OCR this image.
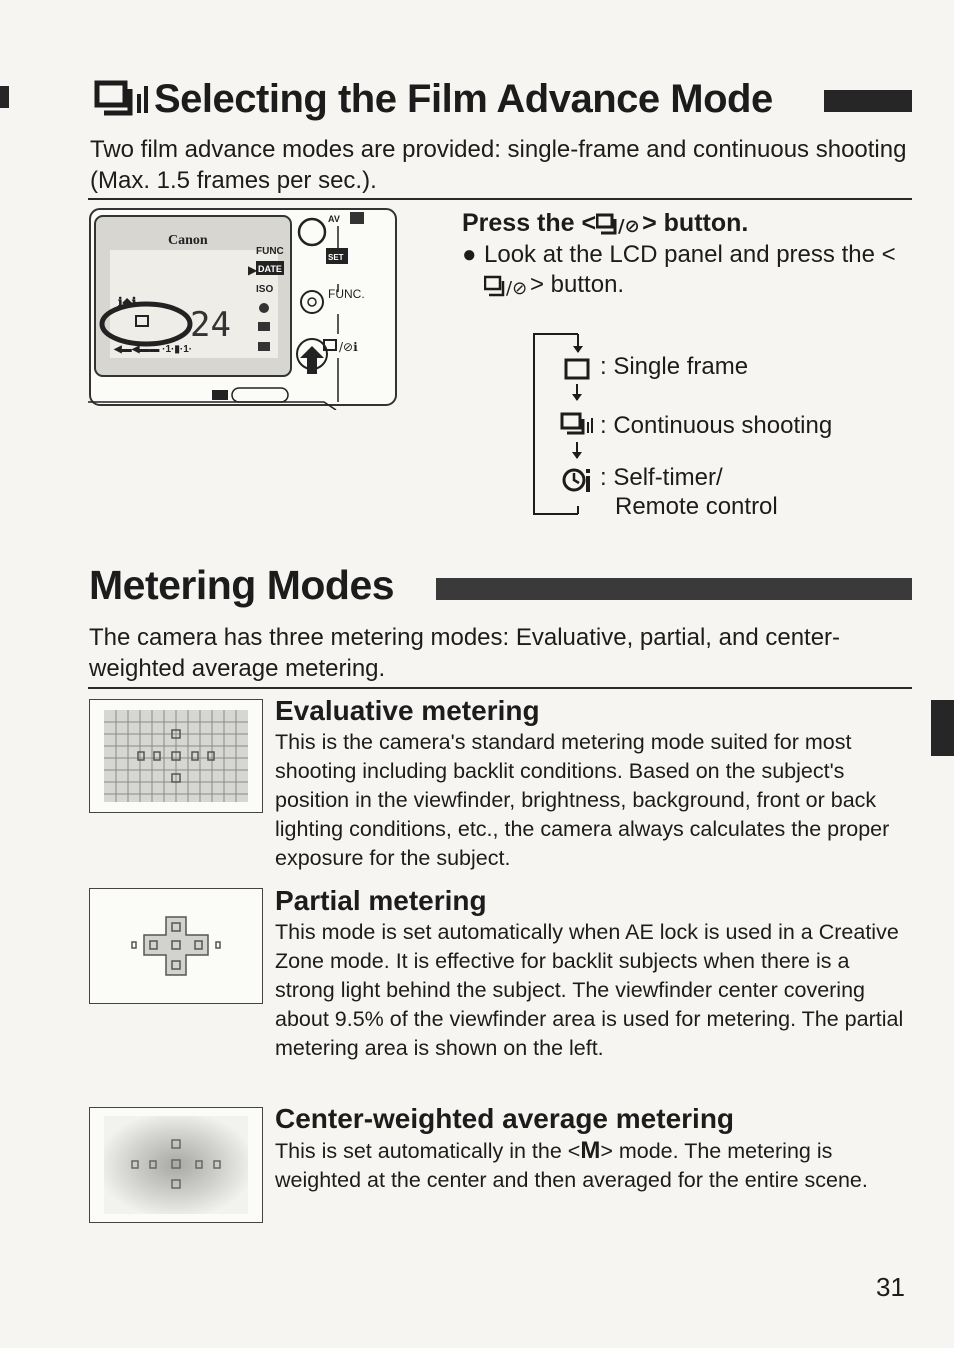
Selecting the Film Advance Mode
Two film advance modes are provided: single-frame and continuous shooting (Max. 1.5 frames per sec.).
Canon
FUNC
DATE
ISO
▶
ℹ◆ℹ
24
◀▬◀▬▬ ·1·▮·1·
AV
SET
FUNC.
/⊘ℹ
Press the < /⊘ > button.
● Look at the LCD panel and press the <
/⊘ > button.
: Single frame
: Continuous shooting
: Self-timer/
Remote control
Metering Modes
The camera has three metering modes: Evaluative, partial, and center-weighted average metering.
Evaluative metering
This is the camera's standard metering mode suited for most shooting including backlit conditions. Based on the subject's position in the viewfinder, brightness, background, front or back lighting conditions, etc., the camera always calculates the proper exposure for the subject.
Partial metering
This mode is set automatically when AE lock is used in a Creative Zone mode. It is effective for backlit subjects when there is a strong light behind the subject. The viewfinder center covering about 9.5% of the viewfinder area is used for metering. The partial metering area is shown on the left.
Center-weighted average metering
This is set automatically in the <M> mode. The metering is weighted at the center and then averaged for the entire scene.
31
